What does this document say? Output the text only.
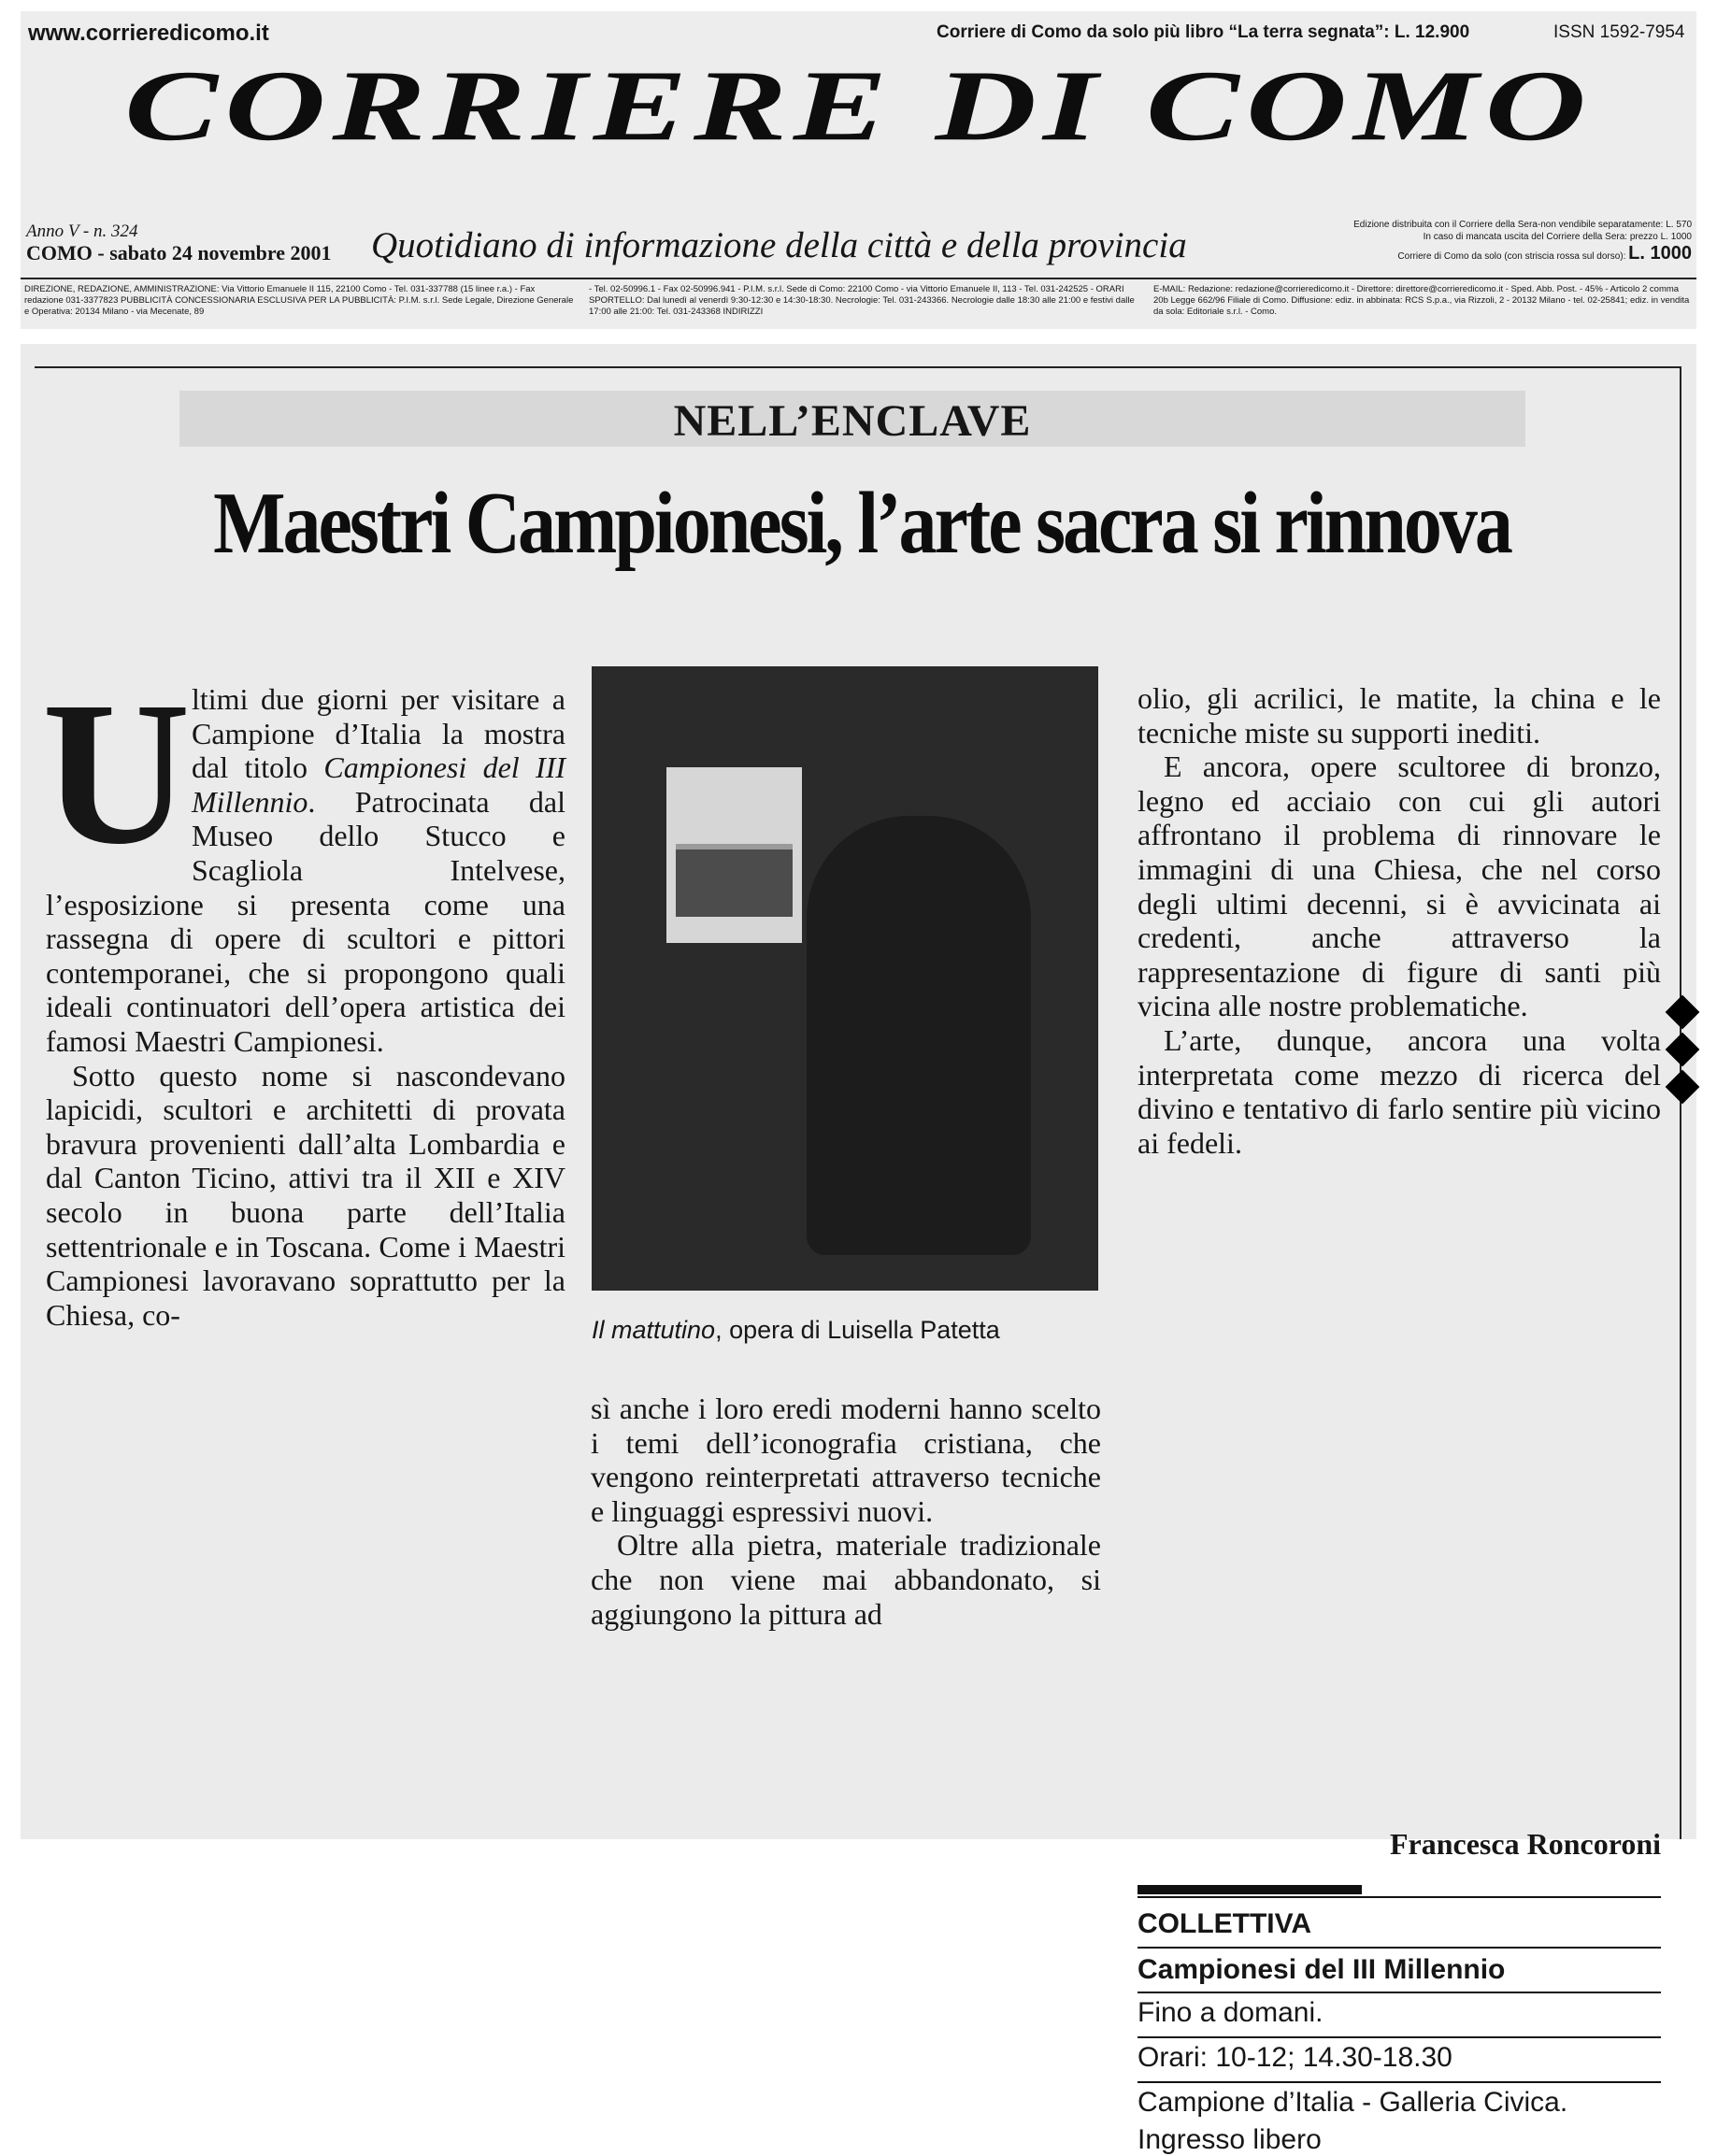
www.corrieredicomo.it	Corriere di Como da solo più libro “La terra segnata”: L. 12.900	ISSN 1592-7954
CORRIERE DI COMO
Anno V - n. 324
COMO - sabato 24 novembre 2001 Quotidiano di informazione della città e della provincia
Edizione distribuita con il Corriere della Sera-non vendibile separatamente: L. 570
In caso di mancata uscita del Corriere della Sera: prezzo L. 1000
Corriere di Como da solo (con striscia rossa sul dorso): L. 1000
DIREZIONE, REDAZIONE, AMMINISTRAZIONE: Via Vittorio Emanuele II 115, 22100 Como - Tel. 031-337788 (15 linee r.a.) - Fax redazione 031-3377823 PUBBLICITÀ CONCESSIONARIA ESCLUSIVA PER LA PUBBLICITÀ: P.I.M. s.r.l. Sede Legale, Direzione Generale e Operativa: 20134 Milano - via Mecenate, 89
- Tel. 02-50996.1 - Fax 02-50996.941 - P.I.M. s.r.l. Sede di Como: 22100 Como - via Vittorio Emanuele II, 113 - Tel. 031-242525 - ORARI SPORTELLO: Dal lunedì al venerdì 9:30-12:30 e 14:30-18:30. Necrologie: Tel. 031-243366. Necrologie dalle 18:30 alle 21:00 e festivi dalle 17:00 alle 21:00: Tel. 031-243368 INDIRIZZI
E-MAIL: Redazione: redazione@corrieredicomo.it - Direttore: direttore@corrieredicomo.it - Sped. Abb. Post. - 45% - Articolo 2 comma 20b Legge 662/96 Filiale di Como. Diffusione: ediz. in abbinata: RCS S.p.a., via Rizzoli, 2 - 20132 Milano - tel. 02-25841; ediz. in vendita da sola: Editoriale s.r.l. - Como.
NELL’ENCLAVE
Maestri Campionesi, l’arte sacra si rinnova

Ultimi due giorni per visitare a Campione d’Italia la mostra dal titolo Campionesi del III Millennio. Patrocinata dal Museo dello Stucco e Scagliola Intelvese, l’esposizione si presenta come una rassegna di opere di scultori e pittori contemporanei, che si propongono quali ideali continuatori dell’opera artistica dei famosi Maestri Campionesi.

Sotto questo nome si nascondevano lapicidi, scultori e architetti di provata bravura provenienti dall’alta Lombardia e dal Canton Ticino, attivi tra il XII e XIV secolo in buona parte dell’Italia settentrionale e in Toscana. Come i Maestri Campionesi lavoravano soprattutto per la Chiesa, co-	Il mattutino, opera di Luisella Patetta

sì anche i loro eredi moderni hanno scelto i temi dell’iconografia cristiana, che vengono reinterpretati attraverso tecniche e linguaggi espressivi nuovi.

Oltre alla pietra, materiale tradizionale che non viene mai abbandonato, si aggiungono la pittura ad

olio, gli acrilici, le matite, la china e le tecniche miste su supporti inediti.

E ancora, opere scultoree di bronzo, legno ed acciaio con cui gli autori affrontano il problema di rinnovare le immagini di una Chiesa, che nel corso degli ultimi decenni, si è avvicinata ai credenti, anche attraverso la rappresentazione di figure di santi più vicina alle nostre problematiche.

L’arte, dunque, ancora una volta interpretata come mezzo di ricerca del divino e tentativo di farlo sentire più vicino ai fedeli.

Francesca Roncoroni
COLLETTIVA
Campionesi del III Millennio
Fino a domani.
Orari: 10-12; 14.30-18.30
Campione d’Italia - Galleria Civica.
Ingresso libero
